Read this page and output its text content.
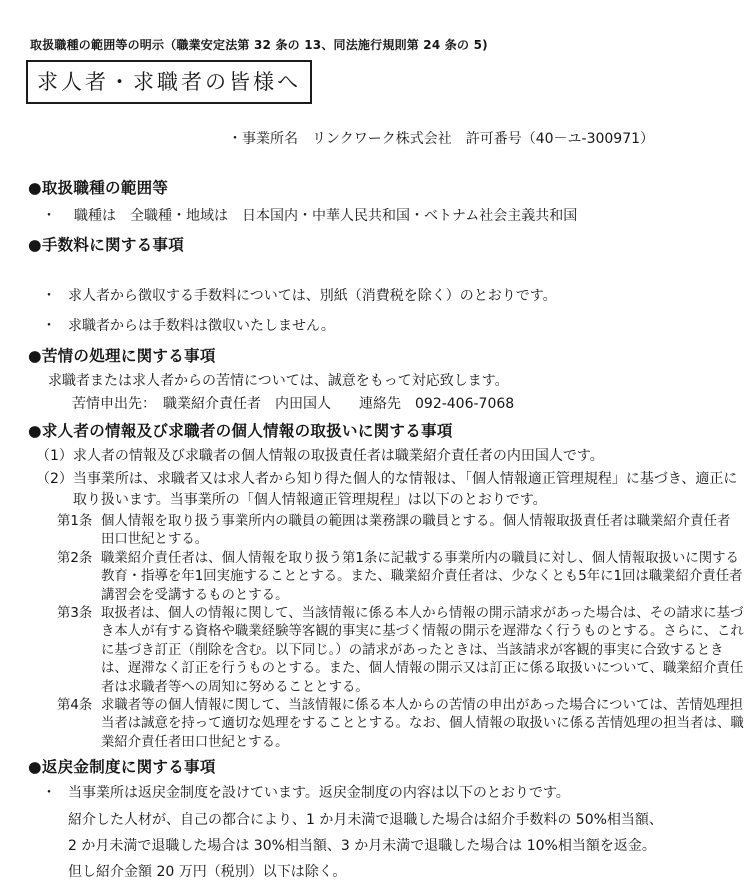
取扱職種の範囲等の明示（職業安定法第 32 条の 13、同法施行規則第 24 条の 5)
求人者・求職者の皆様へ
・事業所名　リンクワーク株式会社　許可番号（40－ユ-300971）
●取扱職種の範囲等
・	職種は　全職種・地域は　日本国内・中華人民共和国・ベトナム社会主義共和国
●手数料に関する事項
・ 求人者から徴収する手数料については、別紙（消費税を除く）のとおりです。
・ 求職者からは手数料は徴収いたしません。
●苦情の処理に関する事項
求職者または求人者からの苦情については、誠意をもって対応致します。
苦情申出先：　職業紹介責任者　内田国人　　連絡先　092-406-7068
●求人者の情報及び求職者の個人情報の取扱いに関する事項
（1） 求人者の情報及び求職者の個人情報の取扱責任者は職業紹介責任者の内田国人です。
（2） 当事業所は、求職者又は求人者から知り得た個人的な情報は、「個人情報適正管理規程」に基づき、適正に取り扱います。当事業所の「個人情報適正管理規程」は以下のとおりです。
第1条 個人情報を取り扱う事業所内の職員の範囲は業務課の職員とする。個人情報取扱責任者は職業紹介責任者　田口世紀とする。
第2条 職業紹介責任者は、個人情報を取り扱う第1条に記載する事業所内の職員に対し、個人情報取扱いに関する教育・指導を年1回実施することとする。また、職業紹介責任者は、少なくとも5年に1回は職業紹介責任者講習会を受講するものとする。
第3条 取扱者は、個人の情報に関して、当該情報に係る本人から情報の開示請求があった場合は、その請求に基づき本人が有する資格や職業経験等客観的事実に基づく情報の開示を遅滞なく行うものとする。さらに、これに基づき訂正（削除を含む。以下同じ。）の請求があったときは、当該請求が客観的事実に合致するときは、遅滞なく訂正を行うものとする。また、個人情報の開示又は訂正に係る取扱いについて、職業紹介責任者は求職者等への周知に努めることとする。
第4条 求職者等の個人情報に関して、当該情報に係る本人からの苦情の申出があった場合については、苦情処理担当者は誠意を持って適切な処理をすることとする。なお、個人情報の取扱いに係る苦情処理の担当者は、職業紹介責任者田口世紀とする。
●返戻金制度に関する事項
・ 当事業所は返戻金制度を設けています。返戻金制度の内容は以下のとおりです。
紹介した人材が、自己の都合により、1 か月未満で退職した場合は紹介手数料の 50%相当額、
2 か月未満で退職した場合は 30%相当額、3 か月未満で退職した場合は 10%相当額を返金。
但し紹介金額 20 万円（税別）以下は除く。
